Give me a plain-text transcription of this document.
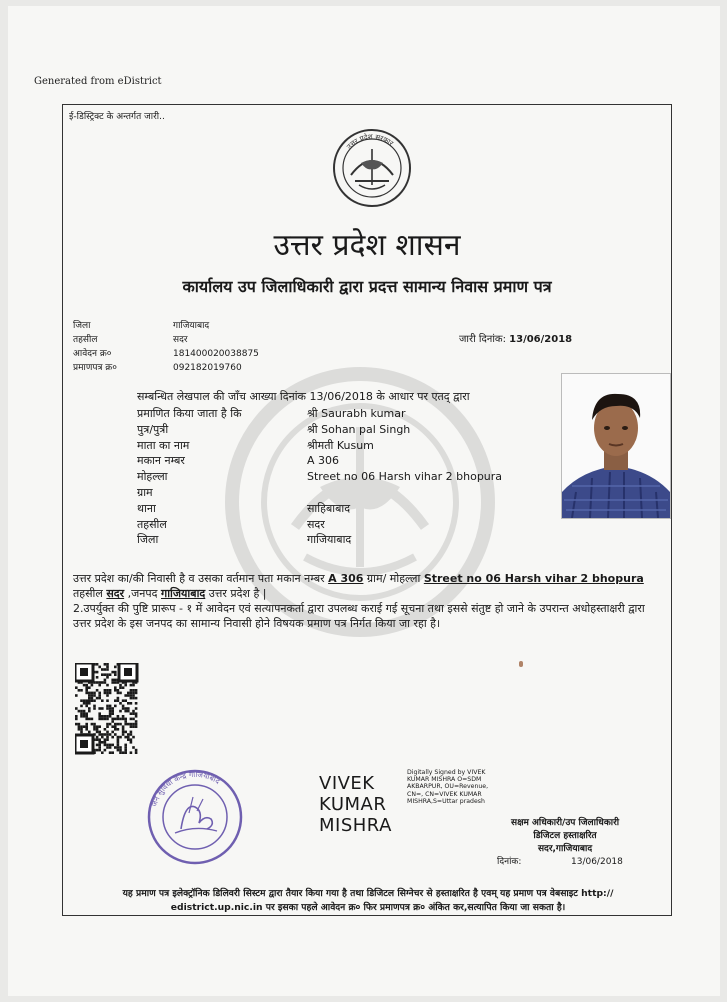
Generated from eDistrict
ई-डिस्ट्रिक्ट के अन्तर्गत जारी..
उत्तर प्रदेश सरकार
उत्तर प्रदेश शासन
कार्यालय उप जिलाधिकारी द्वारा प्रदत्त सामान्य निवास प्रमाण पत्र
जिला	गाजियाबाद
तहसील	सदर
आवेदन क्र०	181400020038875
प्रमाणपत्र क्र०	092182019760
जारी दिनांक: 13/06/2018
सम्बन्धित लेखपाल की जाँच आख्या दिनांक 13/06/2018 के आधार पर एतद् द्वारा
प्रमाणित किया जाता है कि	श्री Saurabh kumar
पुत्र/पुत्री	श्री Sohan pal Singh
माता का नाम	श्रीमती Kusum
मकान नम्बर	A 306
मोहल्ला	Street no 06 Harsh vihar 2 bhopura
ग्राम
थाना	साहिबाबाद
तहसील	सदर
जिला	गाजियाबाद
उत्तर प्रदेश का/की निवासी है व उसका वर्तमान पता मकान नम्बर A 306 ग्राम/ मोहल्ला Street no 06 Harsh vihar 2 bhopura तहसील सदर ,जनपद गाजियाबाद उत्तर प्रदेश है |
2.उपर्युक्त की पुष्टि प्रारूप - १ में आवेदन एवं सत्यापनकर्ता द्वारा उपलब्ध कराई गई सूचना तथा इससे संतुष्ट हो जाने के उपरान्त अधोहस्ताक्षरी द्वारा उत्तर प्रदेश के इस जनपद का सामान्य निवासी होने विषयक प्रमाण पत्र निर्गत किया जा रहा है।
जन सुविधा केन्द्र गाजियाबाद	VIVEK
KUMAR
MISHRA
Digitally Signed by VIVEK
KUMAR MISHRA O=SDM
AKBARPUR, OU=Revenue,
CN=, CN=VIVEK KUMAR
MISHRA,S=Uttar pradesh
सक्षम अधिकारी/उप जिलाधिकारी
डिजिटल हस्ताक्षरित
सदर,गाजियाबाद
दिनांक:	13/06/2018
यह प्रमाण पत्र इलेक्ट्रॉनिक डिलिवरी सिस्टम द्वारा तैयार किया गया है तथा डिजिटल सिग्नेचर से हस्ताक्षरित है एवम् यह प्रमाण पत्र वेबसाइट http://
edistrict.up.nic.in पर इसका पहले आवेदन क्र० फिर प्रमाणपत्र क्र० अंकित कर,सत्यापित किया जा सकता है।
